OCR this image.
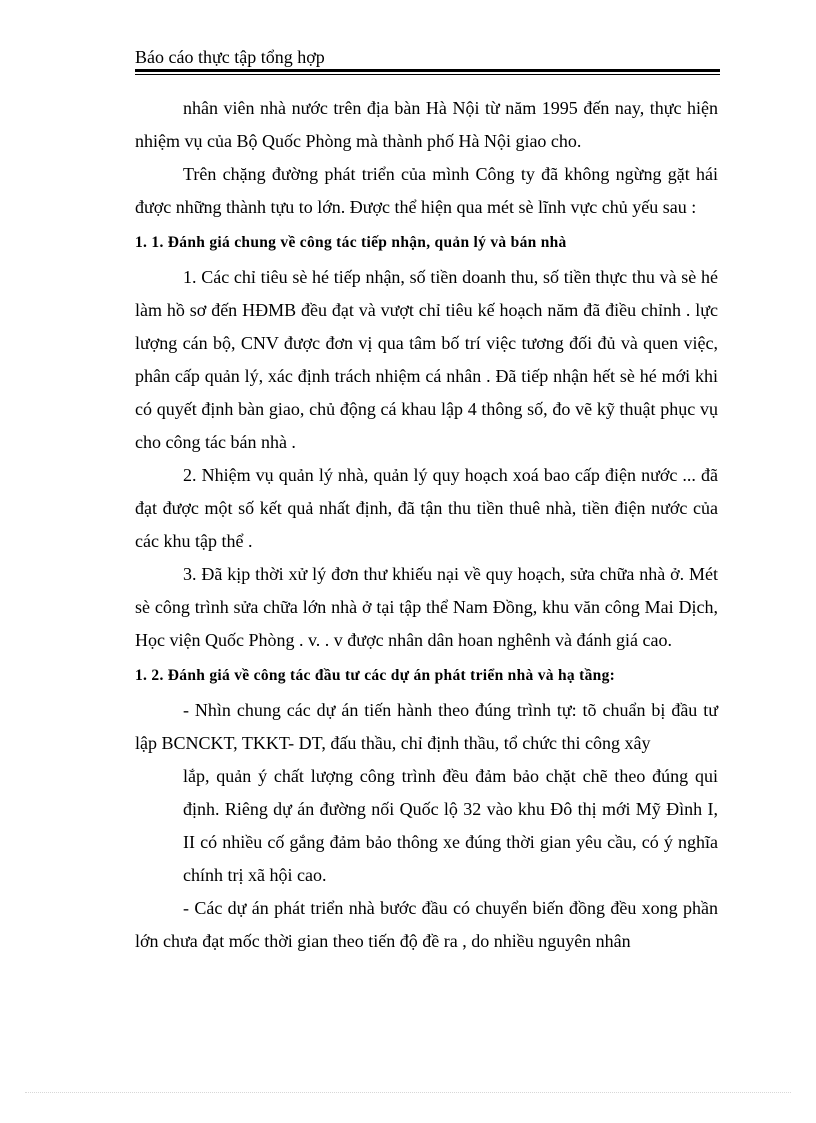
Báo cáo thực tập tổng hợp

nhân viên nhà nước trên địa bàn Hà Nội từ năm 1995 đến nay, thực hiện nhiệm vụ của Bộ Quốc Phòng mà thành phố Hà Nội giao cho.

Trên chặng đường phát triển của mình Công ty đã không ngừng gặt hái được những thành tựu to lớn. Được thể hiện qua mét sè lĩnh vực chủ yếu sau :

1. 1. Đánh giá chung về công tác tiếp nhận, quản lý và bán nhà

1. Các chỉ tiêu sè hé tiếp nhận, số tiền doanh thu, số tiền thực thu và sè hé làm hồ sơ đến HĐMB đều đạt và vượt chỉ tiêu kế hoạch năm đã điều chỉnh . lực lượng cán bộ, CNV được đơn vị qua tâm bố trí việc tương đối đủ và quen việc, phân cấp quản lý, xác định trách nhiệm cá nhân . Đã tiếp nhận hết sè hé mới khi có quyết định bàn giao, chủ động cá khau lập 4 thông số, đo vẽ kỹ thuật phục vụ cho công tác bán nhà .

2. Nhiệm vụ quản lý nhà, quản lý quy hoạch xoá bao cấp điện nước ... đã đạt được một số kết quả nhất định, đã tận thu tiền thuê nhà, tiền điện nước của các khu tập thể .

3. Đã kịp thời xử lý đơn thư khiếu nại về quy hoạch, sửa chữa nhà ở. Mét sè công trình sửa chữa lớn nhà ở tại tập thể Nam Đồng, khu văn công Mai Dịch, Học viện Quốc Phòng . v. . v được nhân dân hoan nghênh và đánh giá cao.

1. 2. Đánh giá về công tác đầu tư các dự án phát triển nhà và hạ tầng:

- Nhìn chung các dự án tiến hành theo đúng trình tự: tõ chuẩn bị đầu tư lập BCNCKT, TKKT- DT, đấu thầu, chỉ định thầu, tổ chức thi công xây

lắp, quản ý chất lượng công trình đều đảm bảo chặt chẽ theo đúng qui định. Riêng dự án đường nối Quốc lộ 32 vào khu Đô thị mới Mỹ Đình I, II có nhiều cố gắng đảm bảo thông xe đúng thời gian yêu cầu, có ý nghĩa chính trị xã hội cao.

- Các dự án phát triển nhà bước đầu có chuyển biến đồng đều xong phần lớn chưa đạt mốc thời gian theo tiến độ đề ra , do nhiều nguyên nhân
